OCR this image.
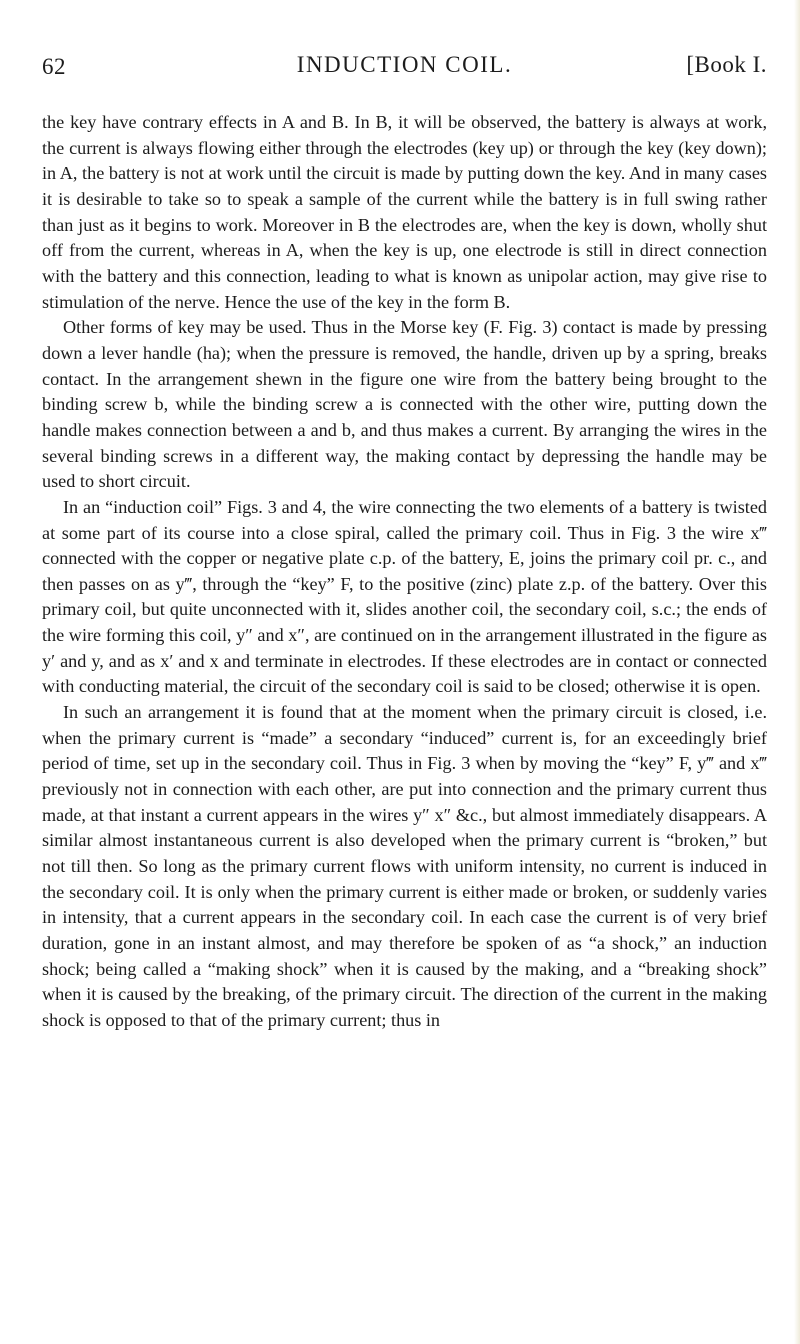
62	INDUCTION COIL.	[Book I.

the key have contrary effects in A and B. In B, it will be observed, the battery is always at work, the current is always flowing either through the electrodes (key up) or through the key (key down); in A, the battery is not at work until the circuit is made by putting down the key. And in many cases it is desirable to take so to speak a sample of the current while the battery is in full swing rather than just as it begins to work. Moreover in B the electrodes are, when the key is down, wholly shut off from the current, whereas in A, when the key is up, one electrode is still in direct connection with the battery and this connection, leading to what is known as unipolar action, may give rise to stimulation of the nerve. Hence the use of the key in the form B.

Other forms of key may be used. Thus in the Morse key (F. Fig. 3) contact is made by pressing down a lever handle (ha); when the pressure is removed, the handle, driven up by a spring, breaks contact. In the arrangement shewn in the figure one wire from the battery being brought to the binding screw b, while the binding screw a is connected with the other wire, putting down the handle makes connection between a and b, and thus makes a current. By arranging the wires in the several binding screws in a different way, the making contact by depressing the handle may be used to short circuit.

In an “induction coil” Figs. 3 and 4, the wire connecting the two elements of a battery is twisted at some part of its course into a close spiral, called the primary coil. Thus in Fig. 3 the wire x‴ connected with the copper or negative plate c.p. of the battery, E, joins the primary coil pr. c., and then passes on as y‴, through the “key” F, to the positive (zinc) plate z.p. of the battery. Over this primary coil, but quite unconnected with it, slides another coil, the secondary coil, s.c.; the ends of the wire forming this coil, y″ and x″, are continued on in the arrangement illustrated in the figure as y′ and y, and as x′ and x and terminate in electrodes. If these electrodes are in contact or connected with conducting material, the circuit of the secondary coil is said to be closed; otherwise it is open.

In such an arrangement it is found that at the moment when the primary circuit is closed, i.e. when the primary current is “made” a secondary “induced” current is, for an exceedingly brief period of time, set up in the secondary coil. Thus in Fig. 3 when by moving the “key” F, y‴ and x‴ previously not in connection with each other, are put into connection and the primary current thus made, at that instant a current appears in the wires y″ x″ &c., but almost immediately disappears. A similar almost instantaneous current is also developed when the primary current is “broken,” but not till then. So long as the primary current flows with uniform intensity, no current is induced in the secondary coil. It is only when the primary current is either made or broken, or suddenly varies in intensity, that a current appears in the secondary coil. In each case the current is of very brief duration, gone in an instant almost, and may therefore be spoken of as “a shock,” an induction shock; being called a “making shock” when it is caused by the making, and a “breaking shock” when it is caused by the breaking, of the primary circuit. The direction of the current in the making shock is opposed to that of the primary current; thus in
